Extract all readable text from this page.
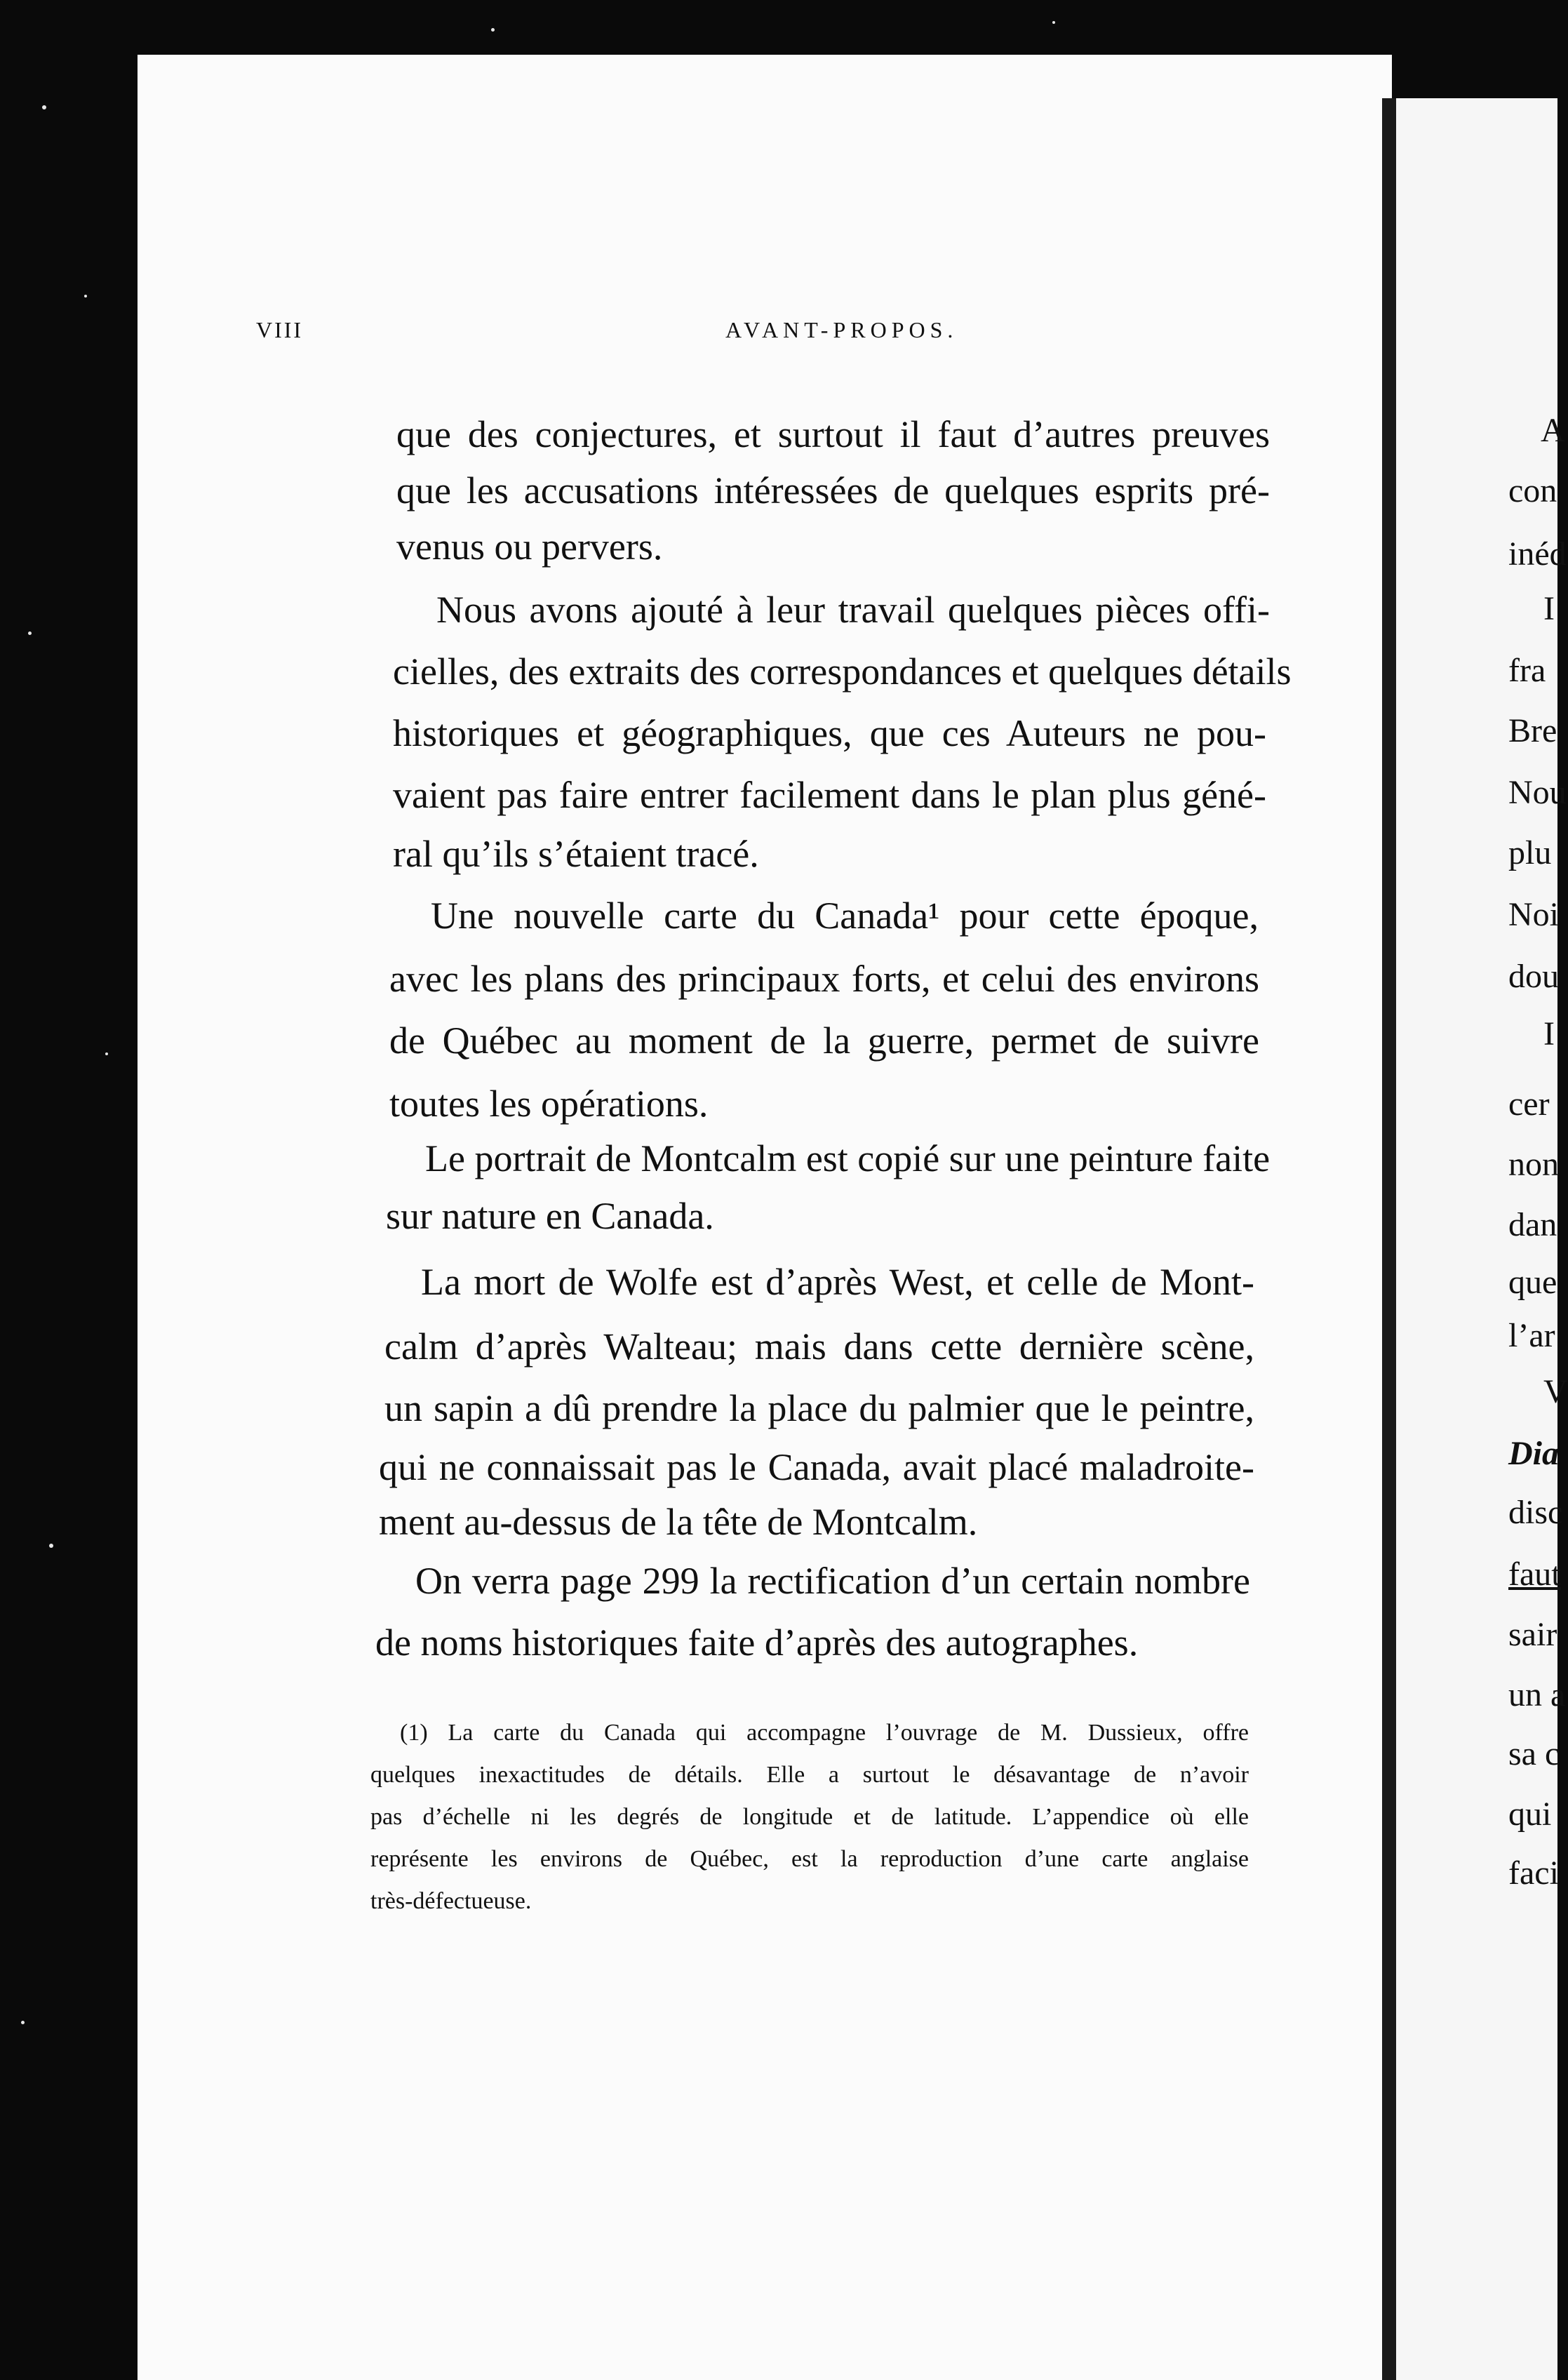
VIII	AVANT-PROPOS.
que des conjectures, et surtout il faut d’autres preuves
que les accusations intéressées de quelques esprits pré-
venus ou pervers.
Nous avons ajouté à leur travail quelques pièces offi-
cielles, des extraits des correspondances et quelques détails
historiques et géographiques, que ces Auteurs ne pou-
vaient pas faire entrer facilement dans le plan plus géné-
ral qu’ils s’étaient tracé.
Une nouvelle carte du Canada¹ pour cette époque,
avec les plans des principaux forts, et celui des environs
de Québec au moment de la guerre, permet de suivre
toutes les opérations.
Le portrait de Montcalm est copié sur une peinture faite
sur nature en Canada.
La mort de Wolfe est d’après West, et celle de Mont-
calm d’après Walteau; mais dans cette dernière scène,
un sapin a dû prendre la place du palmier que le peintre,
qui ne connaissait pas le Canada, avait placé maladroite-
ment au-dessus de la tête de Montcalm.
On verra page 299 la rectification d’un certain nombre
de noms historiques faite d’après des autographes.
(1) La carte du Canada qui accompagne l’ouvrage de M. Dussieux, offre
quelques inexactitudes de détails. Elle a surtout le désavantage de n’avoir
pas d’échelle ni les degrés de longitude et de latitude. L’appendice où elle
représente les environs de Québec, est la reproduction d’une carte anglaise
très-défectueuse.
A
con
inéd
I
fra
Bre
Nou
plu
Noi
dou
I
cer
non
dan
que
l’ar
V
Dia
disc
faut
sair
un a
sa c
qui
faci
